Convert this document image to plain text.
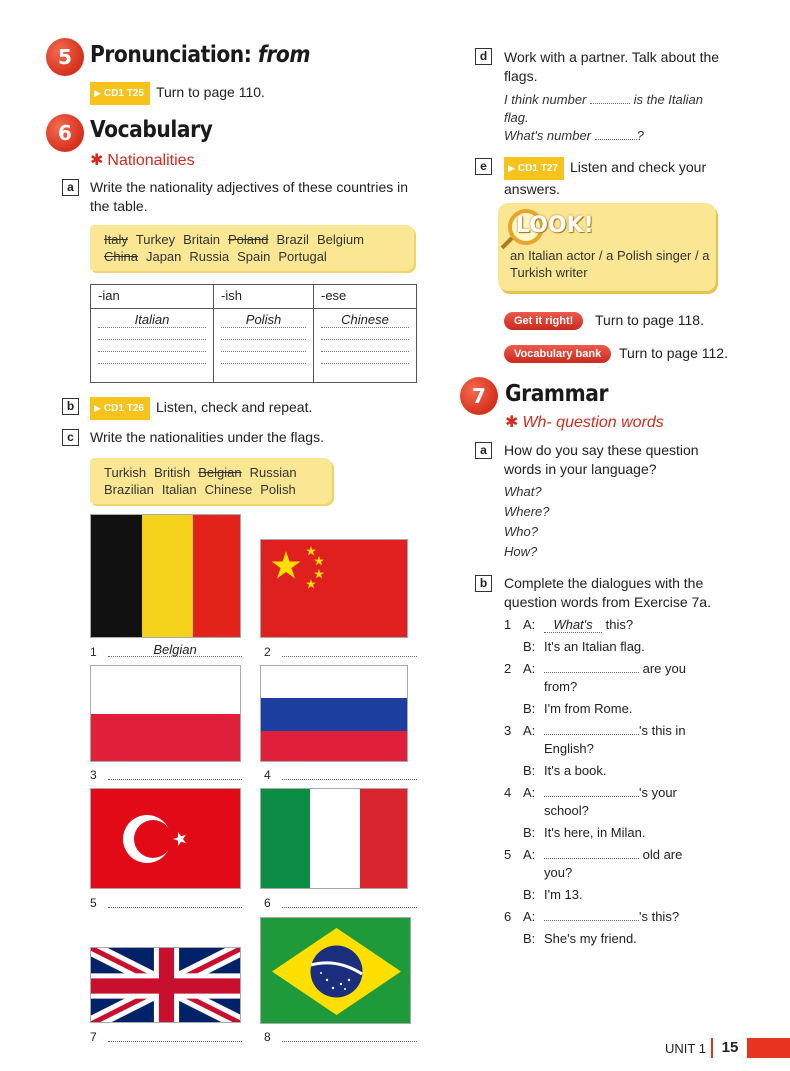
5 Pronunciation: from
▶ CD1 T25 Turn to page 110.
6 Vocabulary
✱ Nationalities
a	Write the nationality adjectives of these countries in the table.
Italy Turkey Britain Poland Brazil Belgium
China Japan Russia Spain Portugal
-ian	-ish	-ese

Italian	Polish	Chinese
b	▶ CD1 T26 Listen, check and repeat.
c	Write the nationalities under the flags.
Turkish British Belgian Russian
Brazilian Italian Chinese Polish
1	Belgian	2
3	4
5	6
7	8
d	Work with a partner. Talk about the flags.
I think number	is the Italian
flag.
What's number	?
e	▶ CD1 T27 Listen and check your answers.
LOOK!
an Italian actor / a Polish singer / a Turkish writer
Get it right!	Turn to page 118.
Vocabulary bank	Turn to page 112.
7 Grammar
✱ Wh- question words
a	How do you say these question words in your language?
What?
Where?
Who?
How?
b	Complete the dialogues with the question words from Exercise 7a.
1 A:	What's this?
B: It's an Italian flag.
2 A:	are you
from?
B: I'm from Rome.
3 A:	's this in
English?
B: It's a book.
4 A:	's your
school?
B: It's here, in Milan.
5 A:	old are
you?
B: I'm 13.
6 A:	's this?
B: She's my friend.
UNIT 1	15
